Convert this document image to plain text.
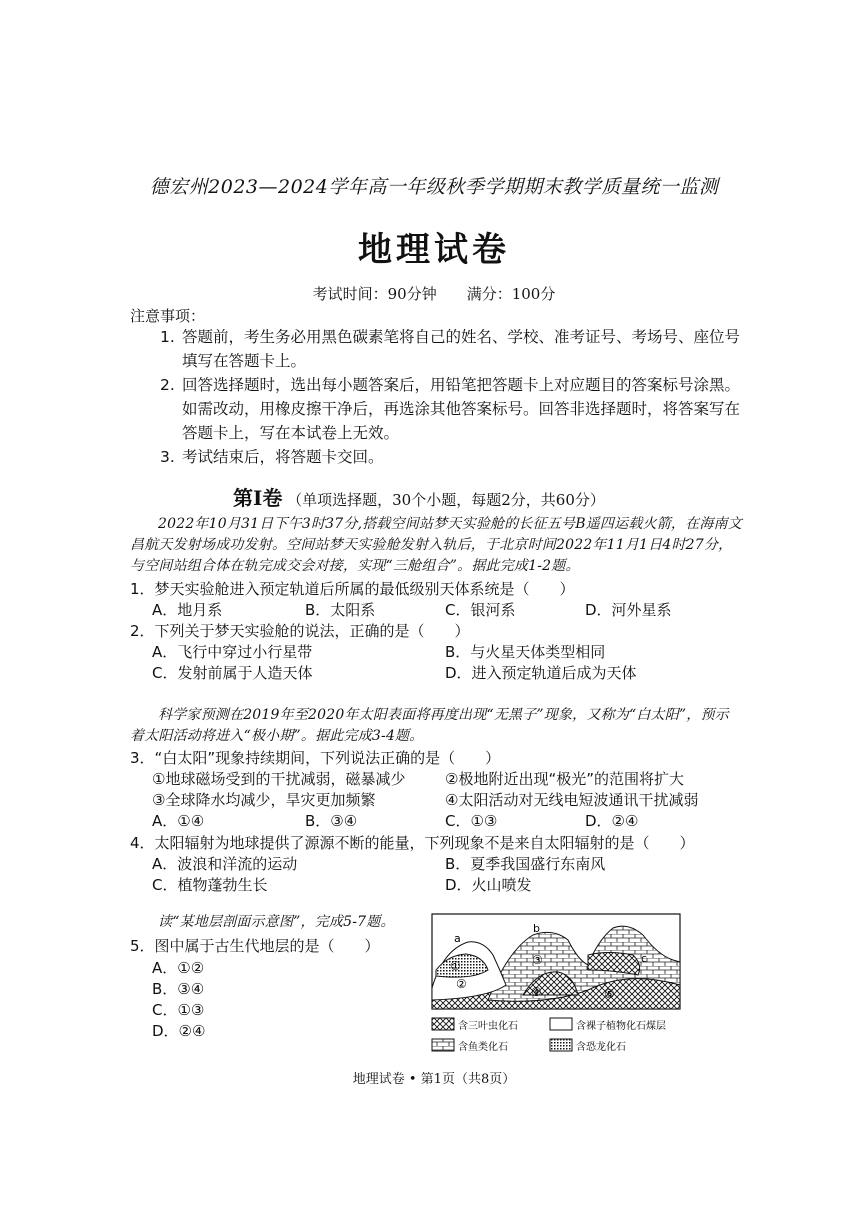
德宏州2023—2024学年高一年级秋季学期期末教学质量统一监测
地理试卷
考试时间：90分钟 满分：100分
注意事项：
1. 答题前，考生务必用黑色碳素笔将自己的姓名、学校、准考证号、考场号、座位号
填写在答题卡上。
2. 回答选择题时，选出每小题答案后，用铅笔把答题卡上对应题目的答案标号涂黑。
如需改动，用橡皮擦干净后，再选涂其他答案标号。回答非选择题时，将答案写在
答题卡上，写在本试卷上无效。
3. 考试结束后，将答题卡交回。
第Ⅰ卷 （单项选择题，30个小题，每题2分，共60分）
2022年10月31日下午3时37分,搭载空间站梦天实验舱的长征五号B遥四运载火箭，在海南文昌航天发射场成功发射。空间站梦天实验舱发射入轨后，于北京时间2022年11月1日4时27分，与空间站组合体在轨完成交会对接，实现“三舱组合”。据此完成1-2题。
1．梦天实验舱进入预定轨道后所属的最低级别天体系统是（　　）
A．地月系	B．太阳系	C．银河系	D．河外星系
2．下列关于梦天实验舱的说法，正确的是（　　）
A．飞行中穿过小行星带	B．与火星天体类型相同
C．发射前属于人造天体	D．进入预定轨道后成为天体
科学家预测在2019年至2020年太阳表面将再度出现“无黑子”现象，又称为“白太阳”，预示着太阳活动将进入“极小期”。据此完成3-4题。
3．“白太阳”现象持续期间，下列说法正确的是（　　）
①地球磁场受到的干扰减弱，磁暴减少	②极地附近出现“极光”的范围将扩大
③全球降水均减少，旱灾更加频繁	④太阳活动对无线电短波通讯干扰减弱
A．①④	B．③④	C．①③	D．②④
4．太阳辐射为地球提供了源源不断的能量，下列现象不是来自太阳辐射的是（　　）
A．波浪和洋流的运动	B．夏季我国盛行东南风
C．植物蓬勃生长	D．火山喷发
读“某地层剖面示意图”，完成5-7题。
5．图中属于古生代地层的是（　　）
A．①②
B．③④
C．①③
D．②④
a
b
c
①
②
③
④	⑤
含三叶虫化石	含裸子植物化石煤层
含鱼类化石	含恐龙化石
地理试卷 • 第1页（共8页）
